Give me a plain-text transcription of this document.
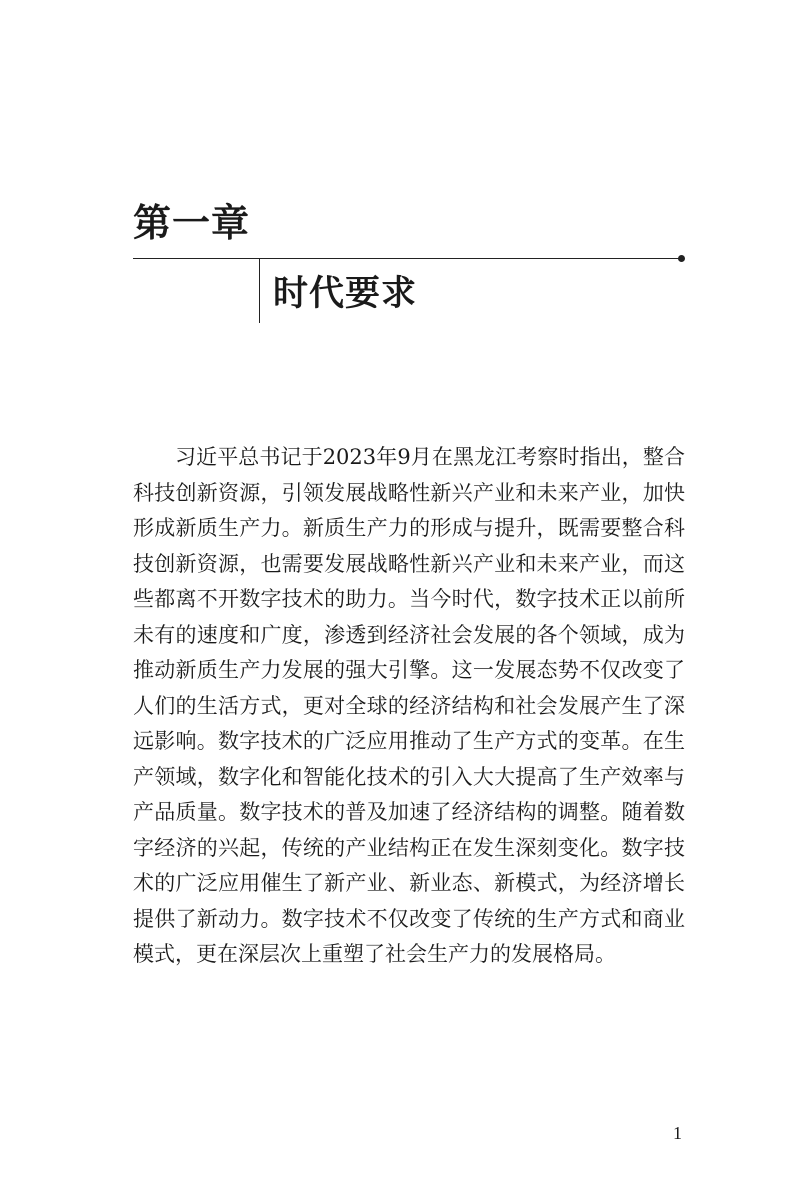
第一章
时代要求

习近平总书记于2023年9月在黑龙江考察时指出，整合科技创新资源，引领发展战略性新兴产业和未来产业，加快形成新质生产力。新质生产力的形成与提升，既需要整合科技创新资源，也需要发展战略性新兴产业和未来产业，而这些都离不开数字技术的助力。当今时代，数字技术正以前所未有的速度和广度，渗透到经济社会发展的各个领域，成为推动新质生产力发展的强大引擎。这一发展态势不仅改变了人们的生活方式，更对全球的经济结构和社会发展产生了深远影响。数字技术的广泛应用推动了生产方式的变革。在生产领域，数字化和智能化技术的引入大大提高了生产效率与产品质量。数字技术的普及加速了经济结构的调整。随着数字经济的兴起，传统的产业结构正在发生深刻变化。数字技术的广泛应用催生了新产业、新业态、新模式，为经济增长提供了新动力。数字技术不仅改变了传统的生产方式和商业模式，更在深层次上重塑了社会生产力的发展格局。

1
